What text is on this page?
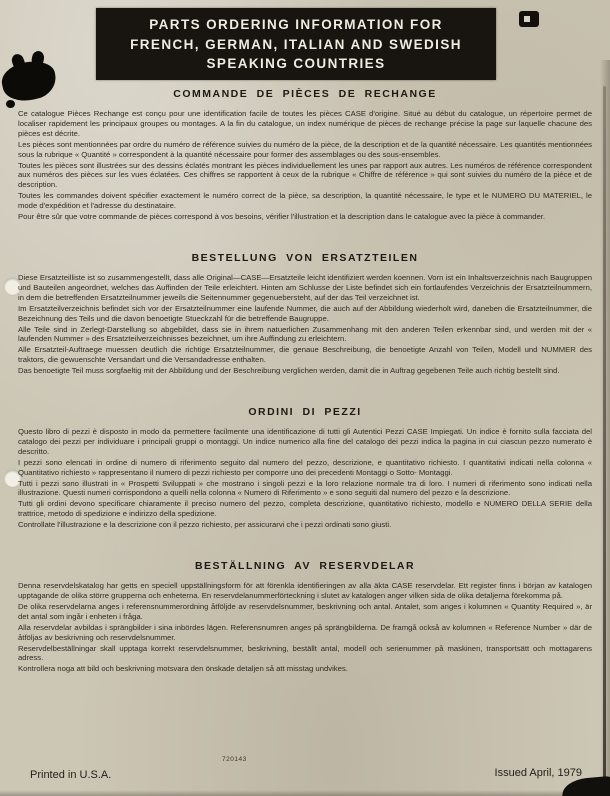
PARTS ORDERING INFORMATION FOR
FRENCH, GERMAN, ITALIAN AND SWEDISH
SPEAKING COUNTRIES
COMMANDE DE PIÈCES DE RECHANGE

Ce catalogue Pièces Rechange est conçu pour une identification facile de toutes les pièces CASE d'origine. Situé au début du catalogue, un répertoire permet de localiser rapidement les principaux groupes ou montages. A la fin du catalogue, un index numérique de pièces de rechange précise la page sur laquelle chacune des pièces est décrite.

Les pièces sont mentionnées par ordre du numéro de référence suivies du numéro de la pièce, de la description et de la quantité nécessaire. Les quantités mentionnées sous la rubrique « Quantité » correspondent à la quantité nécessaire pour former des assemblages ou des sous-ensembles.

Toutes les pièces sont illustrées sur des dessins éclatés montrant les pièces individuellement les unes par rapport aux autres. Les numéros de référence correspondent aux numéros des pièces sur les vues éclatées. Ces chiffres se rapportent à ceux de la rubrique « Chiffre de référence » qui sont suivies du numéro de la pièce et de description.

Toutes les commandes doivent spécifier exactement le numéro correct de la pièce, sa description, la quantité nécessaire, le type et le NUMERO DU MATERIEL, le mode d'expédition et l'adresse du destinataire.

Pour être sûr que votre commande de pièces correspond à vos besoins, vérifier l'illustration et la description dans le catalogue avec la pièce à commander.

BESTELLUNG VON ERSATZTEILEN

Diese Ersatzteilliste ist so zusammengestellt, dass alle Original—CASE—Ersatzteile leicht identifiziert werden koennen. Vorn ist ein Inhaltsverzeichnis nach Baugruppen und Bauteilen angeordnet, welches das Auffinden der Teile erleichtert. Hinten am Schlusse der Liste befindet sich ein fortlaufendes Verzeichnis der Ersatzteilnummern, in dem die betreffenden Ersatzteilnummer jeweils die Seitennummer gegenuebersteht, auf der das Teil verzeichnet ist.

Im Ersatzteilverzeichnis befindet sich vor der Ersatzteilnummer eine laufende Nummer, die auch auf der Abbildung wiederholt wird, daneben die Ersatzteilnummer, die Bezeichnung des Teils und die davon benoetigte Stueckzahl für die betreffende Baugruppe.

Alle Teile sind in Zerlegt-Darstellung so abgebildet, dass sie in ihrem natuerlichen Zusammenhang mit den anderen Teilen erkennbar sind, und werden mit der « laufenden Nummer » des Ersatzteilverzeichnisses bezeichnet, um ihre Auffindung zu erleichtern.

Alle Ersatzteil-Auftraege muessen deutlich die richtige Ersatzteilnummer, die genaue Beschreibung, die benoetigte Anzahl von Teilen, Modell und NUMMER des traktors, die gewuenschte Versandart und die Versandadresse enthalten.

Das benoetigte Teil muss sorgfaeltig mit der Abbildung und der Beschreibung verglichen werden, damit die in Auftrag gegebenen Teile auch richtig bestellt sind.

ORDINI DI PEZZI

Questo libro di pezzi è disposto in modo da permettere facilmente una identificazione di tutti gli Autentici Pezzi CASE Impiegati. Un indice è fornito sulla facciata del catalogo dei pezzi per individuare i principali gruppi o montaggi. Un indice numerico alla fine del catalogo dei pezzi indica la pagina in cui ciascun pezzo numerato è descritto.

I pezzi sono elencati in ordine di numero di riferimento seguito dal numero del pezzo, descrizione, e quantitativo richiesto. I quantitativi indicati nella colonna « Quantitativo richiesto » rappresentano il numero di pezzi richiesto per comporre uno dei precedenti Montaggi o Sotto- Montaggi.

Tutti i pezzi sono illustrati in « Prospetti Sviluppati » che mostrano i singoli pezzi e la loro relazione normale tra di loro. I numeri di riferimento sono indicati nella illustrazione. Questi numeri corrispondono a quelli nella colonna « Numero di Riferimento » e sono seguiti dal numero del pezzo e la descrizione.

Tutti gli ordini devono specificare chiaramente il preciso numero del pezzo, completa descrizione, quantitativo richiesto, modello e NUMERO DELLA SERIE della trattrice, metodo di spedizione e indirizzo della spedizione.

Controllate l'illustrazione e la descrizione con il pezzo richiesto, per assicurarvi che i pezzi ordinati sono giusti.

BESTÄLLNING AV RESERVDELAR

Denna reservdelskatalog har getts en speciell uppställningsform för att förenkla identifieringen av alla äkta CASE reservdelar. Ett register finns i början av katalogen upptagande de olika större grupperna och enheterna. En reservdelanummerförteckning i slutet av katalogen anger vilken sida de olika detaljerna förekomma på.

De olika reservdelarna anges i referensnummerordning åtföljde av reservdelsnummer, beskrivning och antal. Antalet, som anges i kolumnen « Quantity Required », är det antal som ingår i enheten i fråga.

Alla reservdelar avbildas i sprängbilder i sina inbördes lägen. Referensnumren anges på sprängbilderna. De framgå också av kolumnen « Reference Number » där de åtföljas av beskrivning och reservdelsnummer.

Reservdelbeställningar skall upptaga korrekt reservdelsnummer, beskrivning, beställt antal, modell och serienummer på maskinen, transportsätt och mottagarens adress.

Kontrollera noga att bild och beskrivning motsvara den önskade detaljen så att misstag undvikes.

720143
Printed in U.S.A.	Issued April, 1979
